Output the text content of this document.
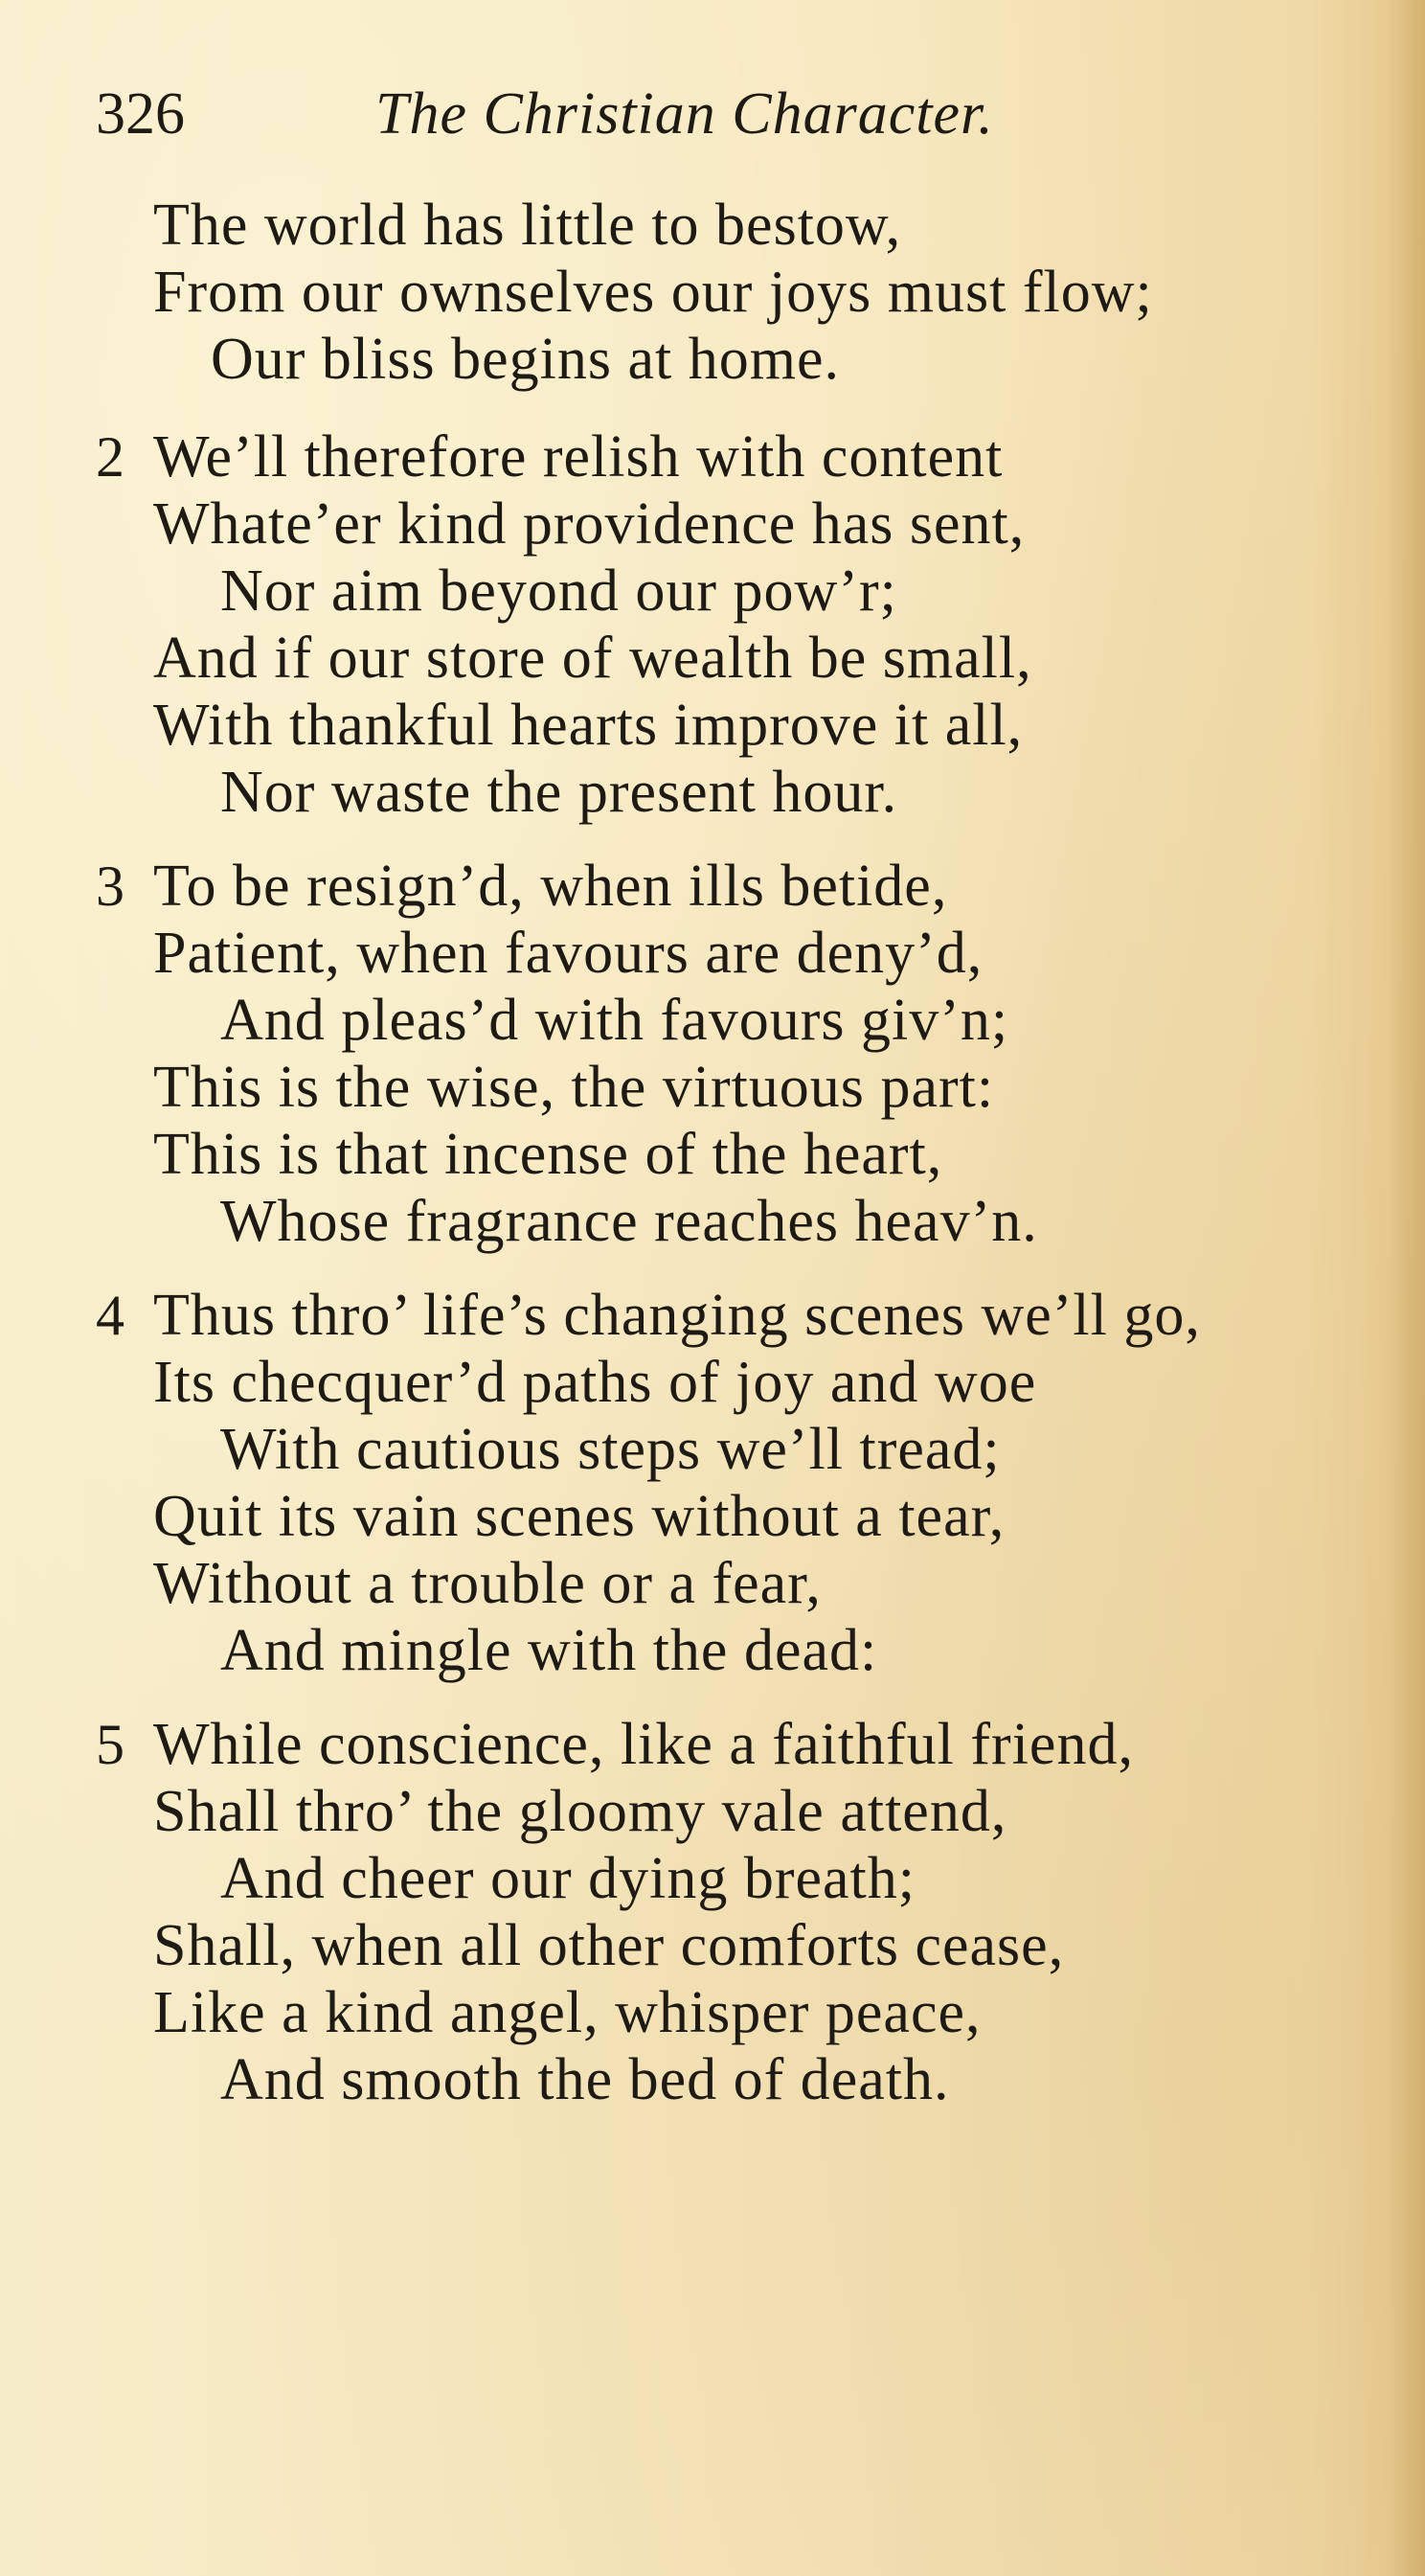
326	The Christian Character.
The world has little to bestow,
From our ownselves our joys must flow;
Our bliss begins at home.
2 We’ll therefore relish with content
Whate’er kind providence has sent,
Nor aim beyond our pow’r;
And if our store of wealth be small,
With thankful hearts improve it all,
Nor waste the present hour.
3 To be resign’d, when ills betide,
Patient, when favours are deny’d,
And pleas’d with favours giv’n;
This is the wise, the virtuous part:
This is that incense of the heart,
Whose fragrance reaches heav’n.
4 Thus thro’ life’s changing scenes we’ll go,
Its checquer’d paths of joy and woe
With cautious steps we’ll tread;
Quit its vain scenes without a tear,
Without a trouble or a fear,
And mingle with the dead:
5 While conscience, like a faithful friend,
Shall thro’ the gloomy vale attend,
And cheer our dying breath;
Shall, when all other comforts cease,
Like a kind angel, whisper peace,
And smooth the bed of death.
